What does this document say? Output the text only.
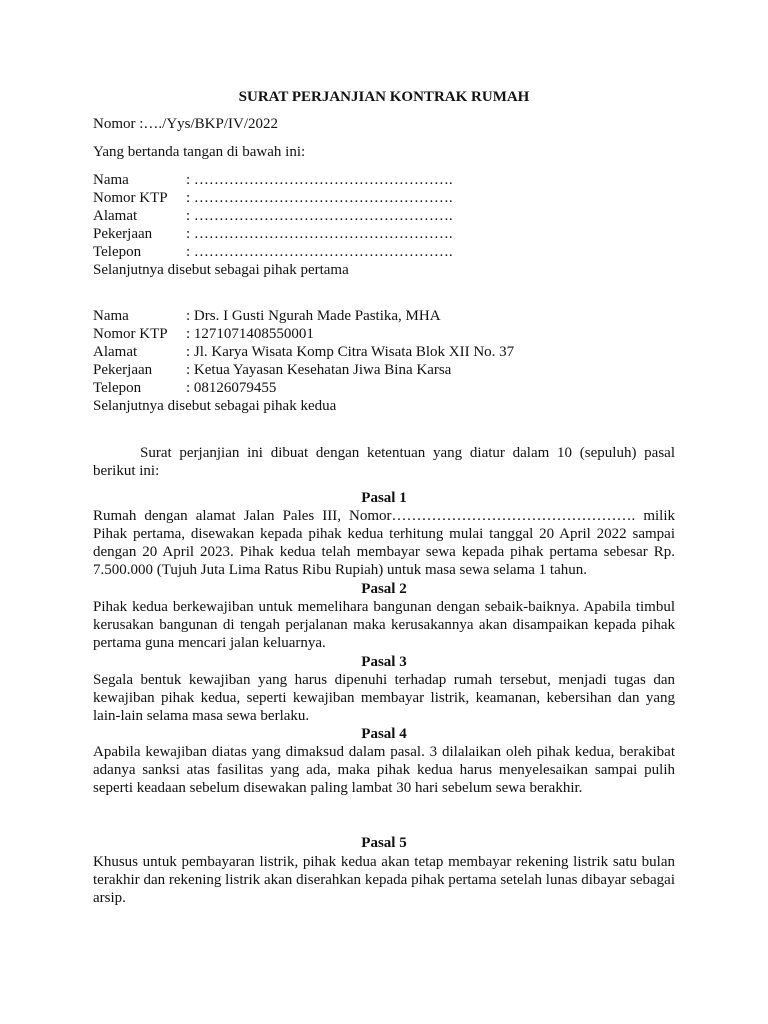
SURAT PERJANJIAN KONTRAK RUMAH
Nomor :…./Yys/BKP/IV/2022
Yang bertanda tangan di bawah ini:
Nama	: …………………………………………….
Nomor KTP : …………………………………………….
Alamat	: …………………………………………….
Pekerjaan : …………………………………………….
Telepon	: …………………………………………….
Selanjutnya disebut sebagai pihak pertama
Nama	: Drs. I Gusti Ngurah Made Pastika, MHA
Nomor KTP : 1271071408550001
Alamat	: Jl. Karya Wisata Komp Citra Wisata Blok XII No. 37
Pekerjaan : Ketua Yayasan Kesehatan Jiwa Bina Karsa
Telepon	: 08126079455
Selanjutnya disebut sebagai pihak kedua
Surat perjanjian ini dibuat dengan ketentuan yang diatur dalam 10 (sepuluh) pasal berikut ini:
Pasal 1
Rumah dengan alamat Jalan Pales III, Nomor…………………………………………. milik Pihak pertama, disewakan kepada pihak kedua terhitung mulai tanggal 20 April 2022 sampai dengan 20 April 2023. Pihak kedua telah membayar sewa kepada pihak pertama sebesar Rp. 7.500.000 (Tujuh Juta Lima Ratus Ribu Rupiah) untuk masa sewa selama 1 tahun.
Pasal 2
Pihak kedua berkewajiban untuk memelihara bangunan dengan sebaik-baiknya. Apabila timbul kerusakan bangunan di tengah perjalanan maka kerusakannya akan disampaikan kepada pihak pertama guna mencari jalan keluarnya.
Pasal 3
Segala bentuk kewajiban yang harus dipenuhi terhadap rumah tersebut, menjadi tugas dan kewajiban pihak kedua, seperti kewajiban membayar listrik, keamanan, kebersihan dan yang lain-lain selama masa sewa berlaku.
Pasal 4
Apabila kewajiban diatas yang dimaksud dalam pasal. 3 dilalaikan oleh pihak kedua, berakibat adanya sanksi atas fasilitas yang ada, maka pihak kedua harus menyelesaikan sampai pulih seperti keadaan sebelum disewakan paling lambat 30 hari sebelum sewa berakhir.
Pasal 5
Khusus untuk pembayaran listrik, pihak kedua akan tetap membayar rekening listrik satu bulan terakhir dan rekening listrik akan diserahkan kepada pihak pertama setelah lunas dibayar sebagai arsip.
